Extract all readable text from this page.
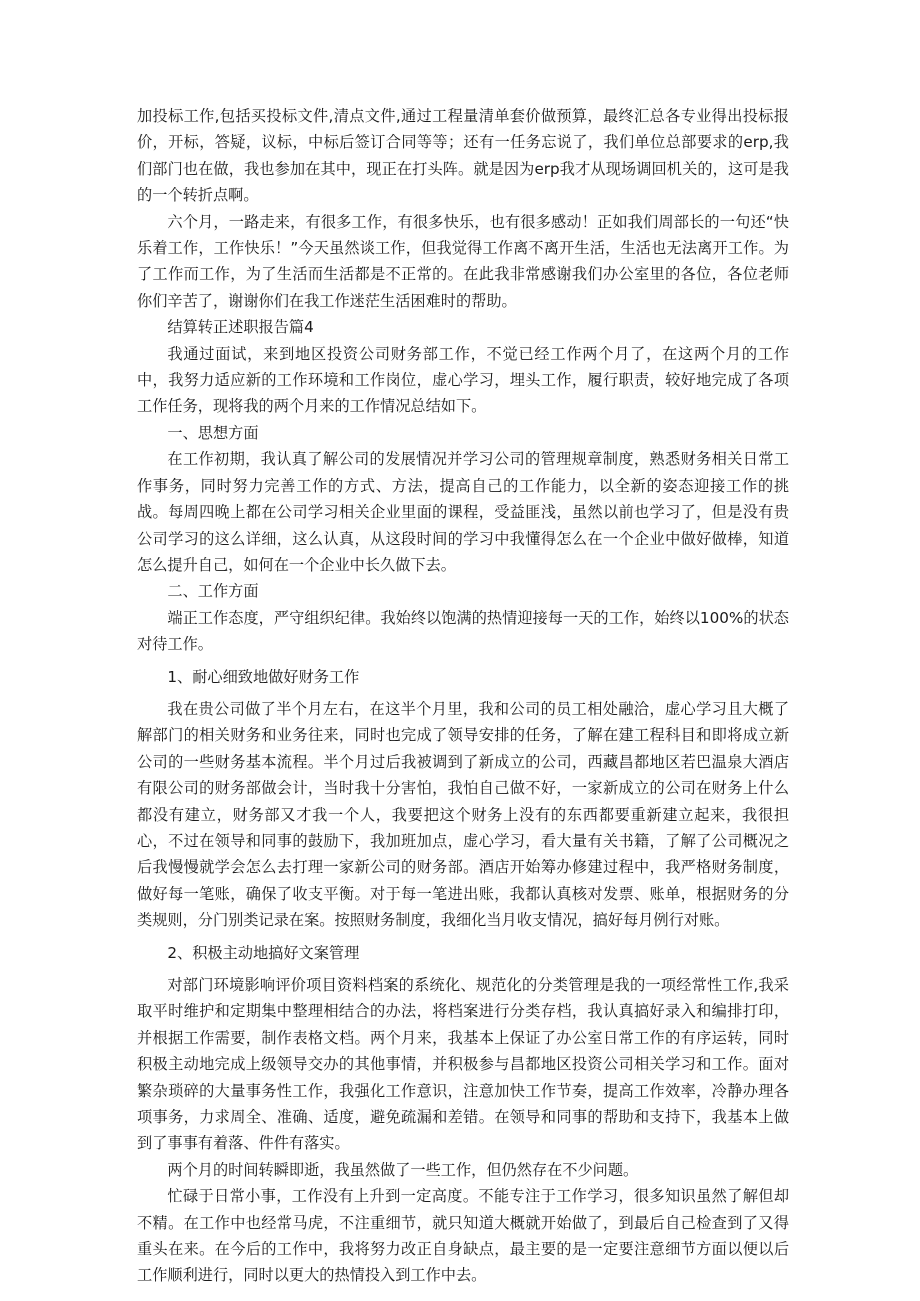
加投标工作,包括买投标文件,清点文件,通过工程量清单套价做预算，最终汇总各专业得出投标报价，开标，答疑，议标，中标后签订合同等等；还有一任务忘说了，我们单位总部要求的erp,我们部门也在做，我也参加在其中，现正在打头阵。就是因为erp我才从现场调回机关的，这可是我的一个转折点啊。

六个月，一路走来，有很多工作，有很多快乐，也有很多感动！正如我们周部长的一句还“快乐着工作，工作快乐！”今天虽然谈工作，但我觉得工作离不离开生活，生活也无法离开工作。为了工作而工作，为了生活而生活都是不正常的。在此我非常感谢我们办公室里的各位，各位老师你们辛苦了，谢谢你们在我工作迷茫生活困难时的帮助。

结算转正述职报告篇4

我通过面试，来到地区投资公司财务部工作，不觉已经工作两个月了，在这两个月的工作中，我努力适应新的工作环境和工作岗位，虚心学习，埋头工作，履行职责，较好地完成了各项工作任务，现将我的两个月来的工作情况总结如下。

一、思想方面

在工作初期，我认真了解公司的发展情况并学习公司的管理规章制度，熟悉财务相关日常工作事务，同时努力完善工作的方式、方法，提高自己的工作能力，以全新的姿态迎接工作的挑战。每周四晚上都在公司学习相关企业里面的课程，受益匪浅，虽然以前也学习了，但是没有贵公司学习的这么详细，这么认真，从这段时间的学习中我懂得怎么在一个企业中做好做棒，知道怎么提升自己，如何在一个企业中长久做下去。

二、工作方面

端正工作态度，严守组织纪律。我始终以饱满的热情迎接每一天的工作，始终以100%的状态对待工作。

1、耐心细致地做好财务工作

我在贵公司做了半个月左右，在这半个月里，我和公司的员工相处融洽，虚心学习且大概了解部门的相关财务和业务往来，同时也完成了领导安排的任务，了解在建工程科目和即将成立新公司的一些财务基本流程。半个月过后我被调到了新成立的公司，西藏昌都地区若巴温泉大酒店有限公司的财务部做会计，当时我十分害怕，我怕自己做不好，一家新成立的公司在财务上什么都没有建立，财务部又才我一个人，我要把这个财务上没有的东西都要重新建立起来，我很担心，不过在领导和同事的鼓励下，我加班加点，虚心学习，看大量有关书籍，了解了公司概况之后我慢慢就学会怎么去打理一家新公司的财务部。酒店开始筹办修建过程中，我严格财务制度，做好每一笔账，确保了收支平衡。对于每一笔进出账，我都认真核对发票、账单，根据财务的分类规则，分门别类记录在案。按照财务制度，我细化当月收支情况，搞好每月例行对账。

2、积极主动地搞好文案管理

对部门环境影响评价项目资料档案的系统化、规范化的分类管理是我的一项经常性工作,我采取平时维护和定期集中整理相结合的办法，将档案进行分类存档，我认真搞好录入和编排打印，并根据工作需要，制作表格文档。两个月来，我基本上保证了办公室日常工作的有序运转，同时积极主动地完成上级领导交办的其他事情，并积极参与昌都地区投资公司相关学习和工作。面对繁杂琐碎的大量事务性工作，我强化工作意识，注意加快工作节奏，提高工作效率，冷静办理各项事务，力求周全、准确、适度，避免疏漏和差错。在领导和同事的帮助和支持下，我基本上做到了事事有着落、件件有落实。

两个月的时间转瞬即逝，我虽然做了一些工作，但仍然存在不少问题。

忙碌于日常小事，工作没有上升到一定高度。不能专注于工作学习，很多知识虽然了解但却不精。在工作中也经常马虎，不注重细节，就只知道大概就开始做了，到最后自己检查到了又得重头在来。在今后的工作中，我将努力改正自身缺点，最主要的是一定要注意细节方面以便以后工作顺利进行，同时以更大的热情投入到工作中去。
